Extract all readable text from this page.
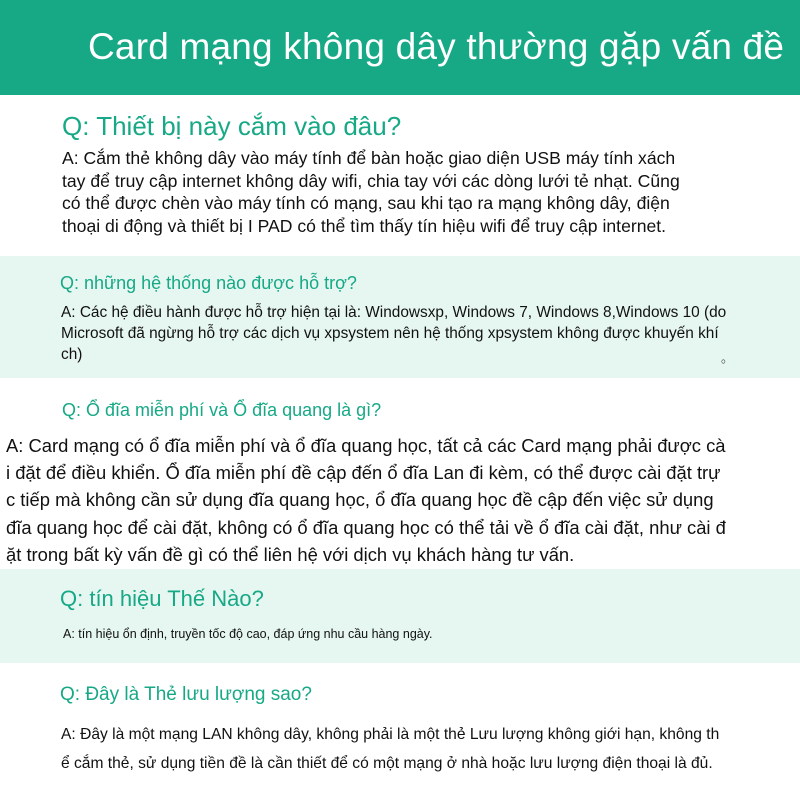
Card mạng không dây thường gặp vấn đề
Q: Thiết bị này cắm vào đâu?
A: Cắm thẻ không dây vào máy tính để bàn hoặc giao diện USB máy tính xách
tay để truy cập internet không dây wifi, chia tay với các dòng lưới tẻ nhạt. Cũng
có thể được chèn vào máy tính có mạng, sau khi tạo ra mạng không dây, điện
thoại di động và thiết bị I PAD có thể tìm thấy tín hiệu wifi để truy cập internet.
Q: những hệ thống nào được hỗ trợ?
A: Các hệ điều hành được hỗ trợ hiện tại là: Windowsxp, Windows 7, Windows 8,Windows 10 (do
Microsoft đã ngừng hỗ trợ các dịch vụ xpsystem nên hệ thống xpsystem không được khuyến khí
ch)	。
Q: Ổ đĩa miễn phí và Ổ đĩa quang là gì?
A: Card mạng có ổ đĩa miễn phí và ổ đĩa quang học, tất cả các Card mạng phải được cà
i đặt để điều khiển. Ổ đĩa miễn phí đề cập đến ổ đĩa Lan đi kèm, có thể được cài đặt trự
c tiếp mà không cần sử dụng đĩa quang học, ổ đĩa quang học đề cập đến việc sử dụng
đĩa quang học để cài đặt, không có ổ đĩa quang học có thể tải về ổ đĩa cài đặt, như cài đ
ặt trong bất kỳ vấn đề gì có thể liên hệ với dịch vụ khách hàng tư vấn.
Q: tín hiệu Thế Nào?
A: tín hiệu ổn định, truyền tốc độ cao, đáp ứng nhu cầu hàng ngày.
Q: Đây là Thẻ lưu lượng sao?
A: Đây là một mạng LAN không dây, không phải là một thẻ Lưu lượng không giới hạn, không th
ể cắm thẻ, sử dụng tiền đề là cần thiết để có một mạng ở nhà hoặc lưu lượng điện thoại là đủ.
